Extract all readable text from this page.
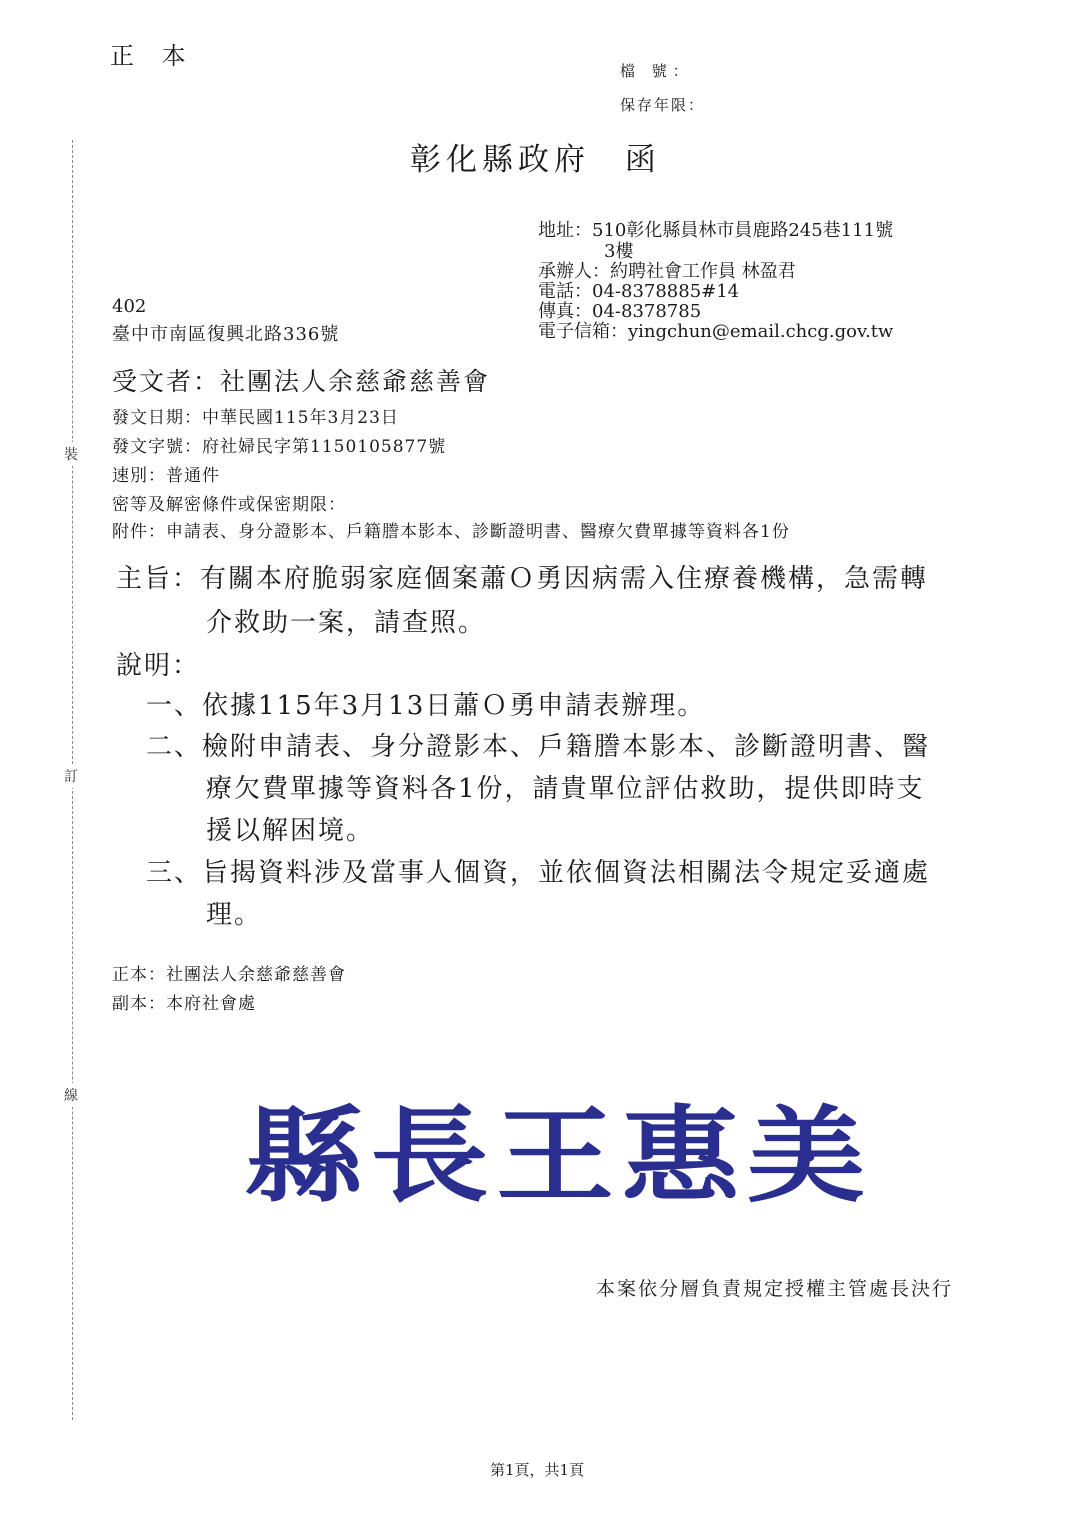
裝
訂
線
正 本
檔 號：
保存年限：
彰化縣政府 函
地址：510彰化縣員林市員鹿路245巷111號
3樓
承辦人：約聘社會工作員 林盈君
電話：04-8378885#14
傳真：04-8378785
電子信箱：yingchun@email.chcg.gov.tw
402
臺中市南區復興北路336號
受文者：社團法人余慈爺慈善會
發文日期：中華民國115年3月23日
發文字號：府社婦民字第1150105877號
速別：普通件
密等及解密條件或保密期限：
附件：申請表、身分證影本、戶籍謄本影本、診斷證明書、醫療欠費單據等資料各1份
主旨：有關本府脆弱家庭個案蕭Ｏ勇因病需入住療養機構，急需轉
介救助一案，請查照。
說明：
一、依據115年3月13日蕭Ｏ勇申請表辦理。
二、檢附申請表、身分證影本、戶籍謄本影本、診斷證明書、醫
療欠費單據等資料各1份，請貴單位評估救助，提供即時支
援以解困境。
三、旨揭資料涉及當事人個資，並依個資法相關法令規定妥適處
理。
正本：社團法人余慈爺慈善會
副本：本府社會處
縣 長 王 惠 美
本案依分層負責規定授權主管處長決行
第1頁，共1頁
